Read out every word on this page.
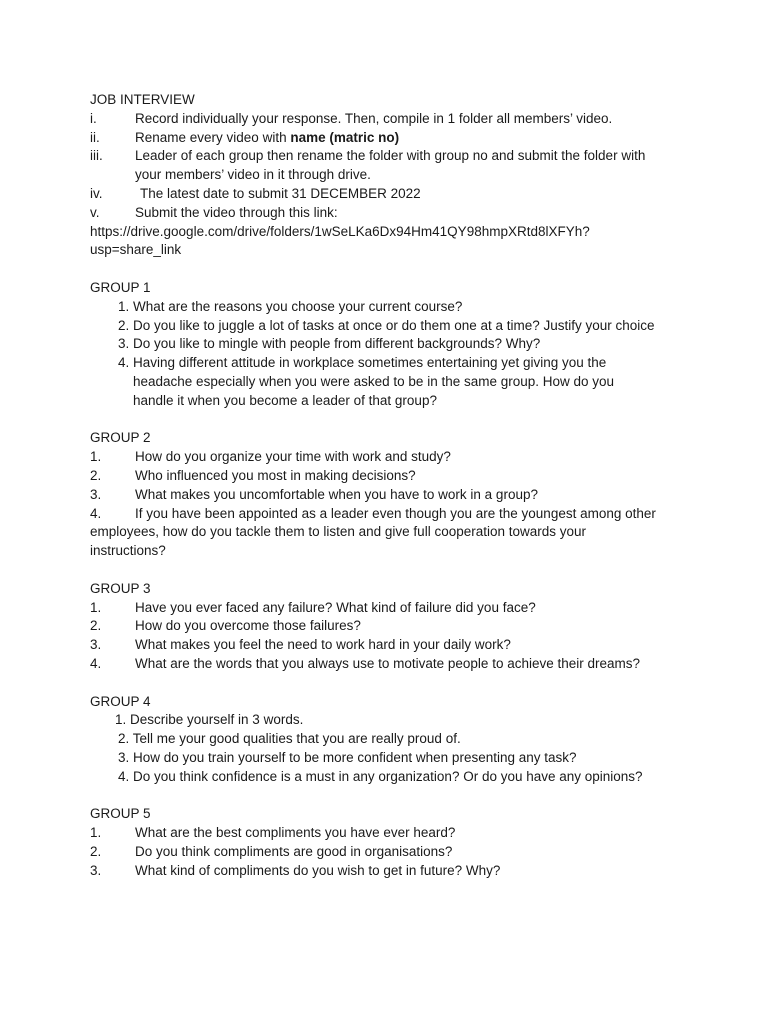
JOB INTERVIEW
i.	Record individually your response. Then, compile in 1 folder all members’ video.
ii.	Rename every video with name (matric no)
iii. Leader of each group then rename the folder with group no and submit the folder with
your members’ video in it through drive.
iv.	The latest date to submit 31 DECEMBER 2022
v.	Submit the video through this link:
https://drive.google.com/drive/folders/1wSeLKa6Dx94Hm41QY98hmpXRtd8lXFYh?
usp=share_link
GROUP 1
1. What are the reasons you choose your current course?
2. Do you like to juggle a lot of tasks at once or do them one at a time? Justify your choice
3. Do you like to mingle with people from different backgrounds? Why?
4. Having different attitude in workplace sometimes entertaining yet giving you the
headache especially when you were asked to be in the same group. How do you
handle it when you become a leader of that group?
GROUP 2
1. How do you organize your time with work and study?
2. Who influenced you most in making decisions?
3. What makes you uncomfortable when you have to work in a group?
4. If you have been appointed as a leader even though you are the youngest among other
employees, how do you tackle them to listen and give full cooperation towards your
instructions?
GROUP 3
1. Have you ever faced any failure? What kind of failure did you face?
2. How do you overcome those failures?
3. What makes you feel the need to work hard in your daily work?
4. What are the words that you always use to motivate people to achieve their dreams?
GROUP 4
1. Describe yourself in 3 words.
2. Tell me your good qualities that you are really proud of.
3. How do you train yourself to be more confident when presenting any task?
4. Do you think confidence is a must in any organization? Or do you have any opinions?
GROUP 5
1. What are the best compliments you have ever heard?
2. Do you think compliments are good in organisations?
3. What kind of compliments do you wish to get in future? Why?
